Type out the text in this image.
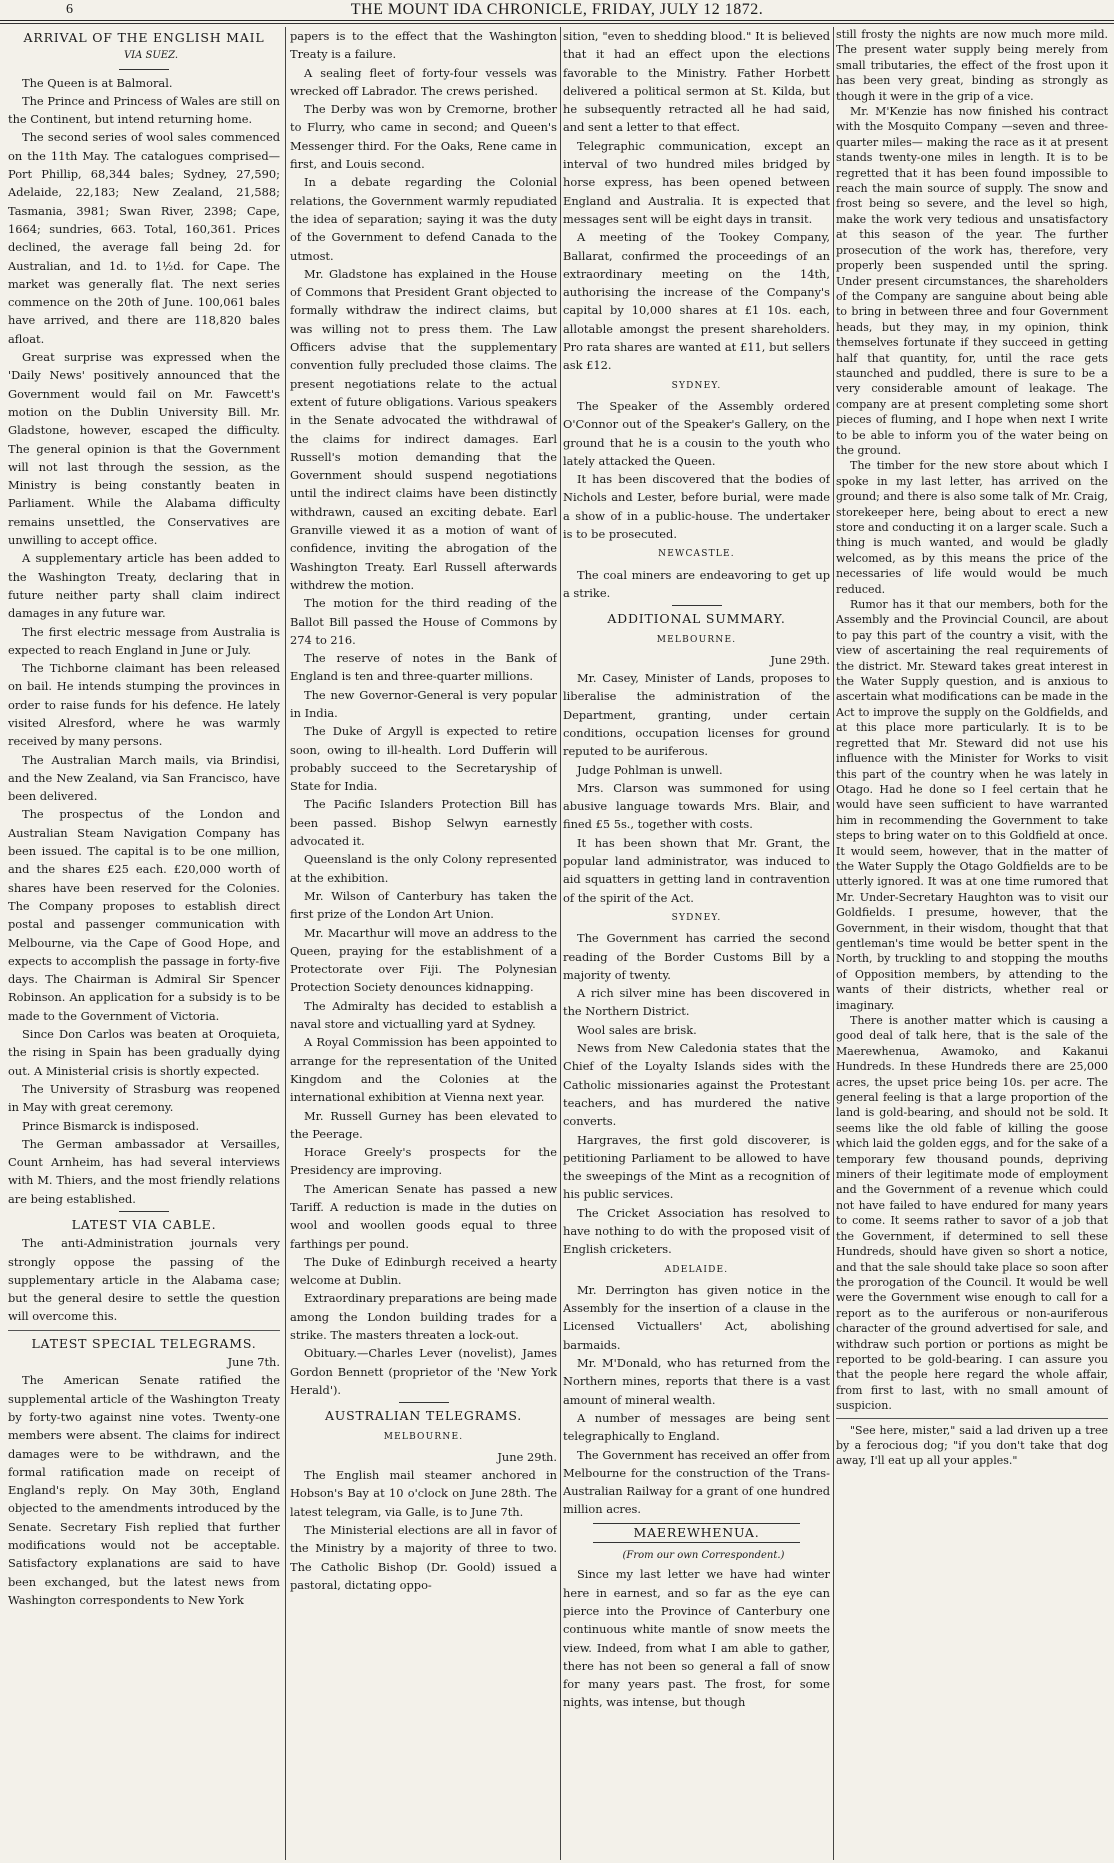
6	THE MOUNT IDA CHRONICLE, FRIDAY, JULY 12 1872.
ARRIVAL OF THE ENGLISH MAIL

VIA SUEZ.

The Queen is at Balmoral.

The Prince and Princess of Wales are still on the Continent, but intend returning home.

The second series of wool sales commenced on the 11th May. The catalogues comprised—Port Phillip, 68,344 bales; Sydney, 27,590; Adelaide, 22,183; New Zealand, 21,588; Tasmania, 3981; Swan River, 2398; Cape, 1664; sundries, 663. Total, 160,361. Prices declined, the average fall being 2d. for Australian, and 1d. to 1½d. for Cape. The market was generally flat. The next series commence on the 20th of June. 100,061 bales have arrived, and there are 118,820 bales afloat.

Great surprise was expressed when the 'Daily News' positively announced that the Government would fail on Mr. Fawcett's motion on the Dublin University Bill. Mr. Gladstone, however, escaped the difficulty. The general opinion is that the Government will not last through the session, as the Ministry is being constantly beaten in Parliament. While the Alabama difficulty remains unsettled, the Conservatives are unwilling to accept office.

A supplementary article has been added to the Washington Treaty, declaring that in future neither party shall claim indirect damages in any future war.

The first electric message from Australia is expected to reach England in June or July.

The Tichborne claimant has been released on bail. He intends stumping the provinces in order to raise funds for his defence. He lately visited Alresford, where he was warmly received by many persons.

The Australian March mails, via Brindisi, and the New Zealand, via San Francisco, have been delivered.

The prospectus of the London and Australian Steam Navigation Company has been issued. The capital is to be one million, and the shares £25 each. £20,000 worth of shares have been reserved for the Colonies. The Company proposes to establish direct postal and passenger communication with Melbourne, via the Cape of Good Hope, and expects to accomplish the passage in forty-five days. The Chairman is Admiral Sir Spencer Robinson. An application for a subsidy is to be made to the Government of Victoria.

Since Don Carlos was beaten at Oroquieta, the rising in Spain has been gradually dying out. A Ministerial crisis is shortly expected.

The University of Strasburg was reopened in May with great ceremony.

Prince Bismarck is indisposed.

The German ambassador at Versailles, Count Arnheim, has had several interviews with M. Thiers, and the most friendly relations are being established.

LATEST VIA CABLE.

The anti-Administration journals very strongly oppose the passing of the supplementary article in the Alabama case; but the general desire to settle the question will overcome this.

LATEST SPECIAL TELEGRAMS.

June 7th.

The American Senate ratified the supplemental article of the Washington Treaty by forty-two against nine votes. Twenty-one members were absent. The claims for indirect damages were to be withdrawn, and the formal ratification made on receipt of England's reply. On May 30th, England objected to the amendments introduced by the Senate. Secretary Fish replied that further modifications would not be acceptable. Satisfactory explanations are said to have been exchanged, but the latest news from Washington correspondents to New York

papers is to the effect that the Washington Treaty is a failure.

A sealing fleet of forty-four vessels was wrecked off Labrador. The crews perished.

The Derby was won by Cremorne, brother to Flurry, who came in second; and Queen's Messenger third. For the Oaks, Rene came in first, and Louis second.

In a debate regarding the Colonial relations, the Government warmly repudiated the idea of separation; saying it was the duty of the Government to defend Canada to the utmost.

Mr. Gladstone has explained in the House of Commons that President Grant objected to formally withdraw the indirect claims, but was willing not to press them. The Law Officers advise that the supplementary convention fully precluded those claims. The present negotiations relate to the actual extent of future obligations. Various speakers in the Senate advocated the withdrawal of the claims for indirect damages. Earl Russell's motion demanding that the Government should suspend negotiations until the indirect claims have been distinctly withdrawn, caused an exciting debate. Earl Granville viewed it as a motion of want of confidence, inviting the abrogation of the Washington Treaty. Earl Russell afterwards withdrew the motion.

The motion for the third reading of the Ballot Bill passed the House of Commons by 274 to 216.

The reserve of notes in the Bank of England is ten and three-quarter millions.

The new Governor-General is very popular in India.

The Duke of Argyll is expected to retire soon, owing to ill-health. Lord Dufferin will probably succeed to the Secretaryship of State for India.

The Pacific Islanders Protection Bill has been passed. Bishop Selwyn earnestly advocated it.

Queensland is the only Colony represented at the exhibition.

Mr. Wilson of Canterbury has taken the first prize of the London Art Union.

Mr. Macarthur will move an address to the Queen, praying for the establishment of a Protectorate over Fiji. The Polynesian Protection Society denounces kidnapping.

The Admiralty has decided to establish a naval store and victualling yard at Sydney.

A Royal Commission has been appointed to arrange for the representation of the United Kingdom and the Colonies at the international exhibition at Vienna next year.

Mr. Russell Gurney has been elevated to the Peerage.

Horace Greely's prospects for the Presidency are improving.

The American Senate has passed a new Tariff. A reduction is made in the duties on wool and woollen goods equal to three farthings per pound.

The Duke of Edinburgh received a hearty welcome at Dublin.

Extraordinary preparations are being made among the London building trades for a strike. The masters threaten a lock-out.

Obituary.—Charles Lever (novelist), James Gordon Bennett (proprietor of the 'New York Herald').

AUSTRALIAN TELEGRAMS.
MELBOURNE.

June 29th.

The English mail steamer anchored in Hobson's Bay at 10 o'clock on June 28th. The latest telegram, via Galle, is to June 7th.

The Ministerial elections are all in favor of the Ministry by a majority of three to two. The Catholic Bishop (Dr. Goold) issued a pastoral, dictating oppo-

sition, "even to shedding blood." It is believed that it had an effect upon the elections favorable to the Ministry. Father Horbett delivered a political sermon at St. Kilda, but he subsequently retracted all he had said, and sent a letter to that effect.

Telegraphic communication, except an interval of two hundred miles bridged by horse express, has been opened between England and Australia. It is expected that messages sent will be eight days in transit.

A meeting of the Tookey Company, Ballarat, confirmed the proceedings of an extraordinary meeting on the 14th, authorising the increase of the Company's capital by 10,000 shares at £1 10s. each, allotable amongst the present shareholders. Pro rata shares are wanted at £11, but sellers ask £12.

SYDNEY.

The Speaker of the Assembly ordered O'Connor out of the Speaker's Gallery, on the ground that he is a cousin to the youth who lately attacked the Queen.

It has been discovered that the bodies of Nichols and Lester, before burial, were made a show of in a public-house. The undertaker is to be prosecuted.

NEWCASTLE.

The coal miners are endeavoring to get up a strike.

ADDITIONAL SUMMARY.
MELBOURNE.

June 29th.

Mr. Casey, Minister of Lands, proposes to liberalise the administration of the Department, granting, under certain conditions, occupation licenses for ground reputed to be auriferous.

Judge Pohlman is unwell.

Mrs. Clarson was summoned for using abusive language towards Mrs. Blair, and fined £5 5s., together with costs.

It has been shown that Mr. Grant, the popular land administrator, was induced to aid squatters in getting land in contravention of the spirit of the Act.

SYDNEY.

The Government has carried the second reading of the Border Customs Bill by a majority of twenty.

A rich silver mine has been discovered in the Northern District.

Wool sales are brisk.

News from New Caledonia states that the Chief of the Loyalty Islands sides with the Catholic missionaries against the Protestant teachers, and has murdered the native converts.

Hargraves, the first gold discoverer, is petitioning Parliament to be allowed to have the sweepings of the Mint as a recognition of his public services.

The Cricket Association has resolved to have nothing to do with the proposed visit of English cricketers.

ADELAIDE.

Mr. Derrington has given notice in the Assembly for the insertion of a clause in the Licensed Victuallers' Act, abolishing barmaids.

Mr. M'Donald, who has returned from the Northern mines, reports that there is a vast amount of mineral wealth.

A number of messages are being sent telegraphically to England.

The Government has received an offer from Melbourne for the construction of the Trans-Australian Railway for a grant of one hundred million acres.

MAEREWHENUA.

(From our own Correspondent.)

Since my last letter we have had winter here in earnest, and so far as the eye can pierce into the Province of Canterbury one continuous white mantle of snow meets the view. Indeed, from what I am able to gather, there has not been so general a fall of snow for many years past. The frost, for some nights, was intense, but though

still frosty the nights are now much more mild. The present water supply being merely from small tributaries, the effect of the frost upon it has been very great, binding as strongly as though it were in the grip of a vice.

Mr. M'Kenzie has now finished his contract with the Mosquito Company —seven and three-quarter miles— making the race as it at present stands twenty-one miles in length. It is to be regretted that it has been found impossible to reach the main source of supply. The snow and frost being so severe, and the level so high, make the work very tedious and unsatisfactory at this season of the year. The further prosecution of the work has, therefore, very properly been suspended until the spring. Under present circumstances, the shareholders of the Company are sanguine about being able to bring in between three and four Government heads, but they may, in my opinion, think themselves fortunate if they succeed in getting half that quantity, for, until the race gets staunched and puddled, there is sure to be a very considerable amount of leakage. The company are at present completing some short pieces of fluming, and I hope when next I write to be able to inform you of the water being on the ground.

The timber for the new store about which I spoke in my last letter, has arrived on the ground; and there is also some talk of Mr. Craig, storekeeper here, being about to erect a new store and conducting it on a larger scale. Such a thing is much wanted, and would be gladly welcomed, as by this means the price of the necessaries of life would would be much reduced.

Rumor has it that our members, both for the Assembly and the Provincial Council, are about to pay this part of the country a visit, with the view of ascertaining the real requirements of the district. Mr. Steward takes great interest in the Water Supply question, and is anxious to ascertain what modifications can be made in the Act to improve the supply on the Goldfields, and at this place more particularly. It is to be regretted that Mr. Steward did not use his influence with the Minister for Works to visit this part of the country when he was lately in Otago. Had he done so I feel certain that he would have seen sufficient to have warranted him in recommending the Government to take steps to bring water on to this Goldfield at once. It would seem, however, that in the matter of the Water Supply the Otago Goldfields are to be utterly ignored. It was at one time rumored that Mr. Under-Secretary Haughton was to visit our Goldfields. I presume, however, that the Government, in their wisdom, thought that that gentleman's time would be better spent in the North, by truckling to and stopping the mouths of Opposition members, by attending to the wants of their districts, whether real or imaginary.

There is another matter which is causing a good deal of talk here, that is the sale of the Maerewhenua, Awamoko, and Kakanui Hundreds. In these Hundreds there are 25,000 acres, the upset price being 10s. per acre. The general feeling is that a large proportion of the land is gold-bearing, and should not be sold. It seems like the old fable of killing the goose which laid the golden eggs, and for the sake of a temporary few thousand pounds, depriving miners of their legitimate mode of employment and the Government of a revenue which could not have failed to have endured for many years to come. It seems rather to savor of a job that the Government, if determined to sell these Hundreds, should have given so short a notice, and that the sale should take place so soon after the prorogation of the Council. It would be well were the Government wise enough to call for a report as to the auriferous or non-auriferous character of the ground advertised for sale, and withdraw such portion or portions as might be reported to be gold-bearing. I can assure you that the people here regard the whole affair, from first to last, with no small amount of suspicion.

"See here, mister," said a lad driven up a tree by a ferocious dog; "if you don't take that dog away, I'll eat up all your apples."
